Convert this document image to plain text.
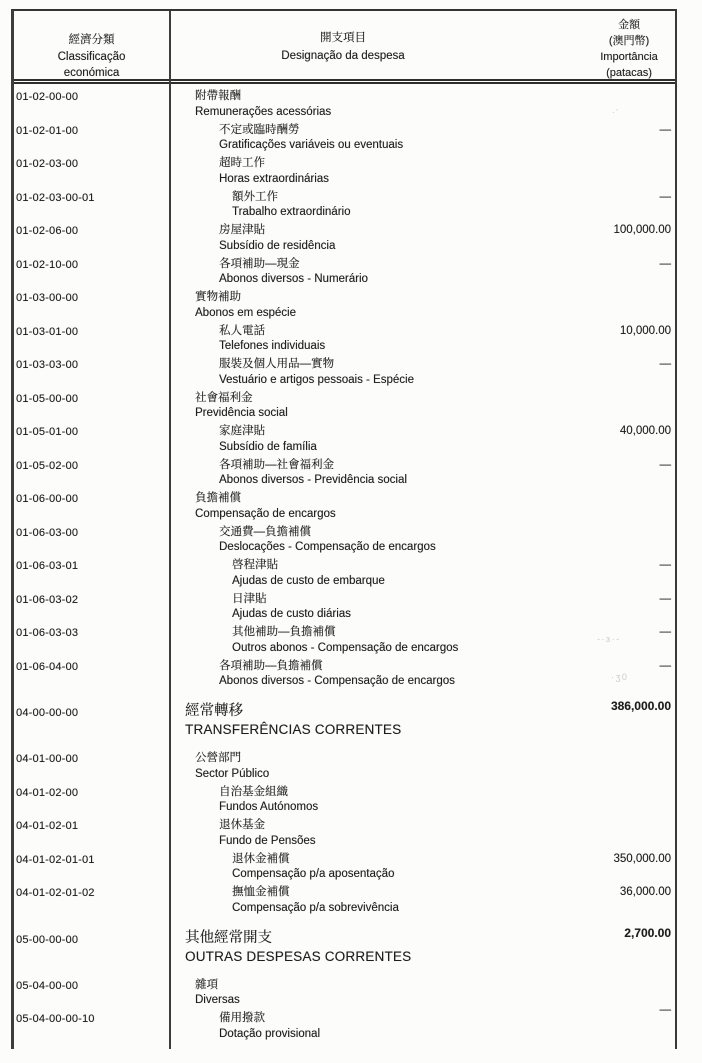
經濟分類
Classificação
económica
開支項目
Designação da despesa
金額
(澳門幣)
Importância
(patacas)
01-02-00-00	附帶報酬
Remunerações acessórias
01-02-01-00	不定或臨時酬勞
Gratificações variáveis ou eventuais
—
01-02-03-00	超時工作
Horas extraordinárias
01-02-03-00-01	額外工作
Trabalho extraordinário
—
01-02-06-00	房屋津貼
Subsídio de residência
100,000.00
01-02-10-00	各項補助—現金
Abonos diversos - Numerário
—
01-03-00-00	實物補助
Abonos em espécie
01-03-01-00	私人電話
Telefones individuais
10,000.00
01-03-03-00	服裝及個人用品—實物
Vestuário e artigos pessoais - Espécie
—
01-05-00-00	社會福利金
Previdência social
01-05-01-00	家庭津貼
Subsídio de família
40,000.00
01-05-02-00	各項補助—社會福利金
Abonos diversos - Previdência social
—
01-06-00-00	負擔補償
Compensação de encargos
01-06-03-00	交通費—負擔補償
Deslocações - Compensação de encargos
01-06-03-01	啓程津貼
Ajudas de custo de embarque
—
01-06-03-02	日津貼
Ajudas de custo diárias
—
01-06-03-03	其他補助—負擔補償
Outros abonos - Compensação de encargos
—
01-06-04-00	各項補助—負擔補償
Abonos diversos - Compensação de encargos
—
04-00-00-00	經常轉移
TRANSFERÊNCIAS CORRENTES
386,000.00
04-01-00-00	公營部門
Sector Público
04-01-02-00	自治基金組織
Fundos Autónomos
04-01-02-01	退休基金
Fundo de Pensões
04-01-02-01-01	退休金補償
Compensação p/a aposentação
350,000.00
04-01-02-01-02	撫恤金補償
Compensação p/a sobrevivência
36,000.00
05-00-00-00	其他經常開支
OUTRAS DESPESAS CORRENTES
2,700.00
05-04-00-00	雜項
Diversas
05-04-00-00-10	備用撥款
Dotação provisional
—
·’
-·ɜ·-
·ʒ0
